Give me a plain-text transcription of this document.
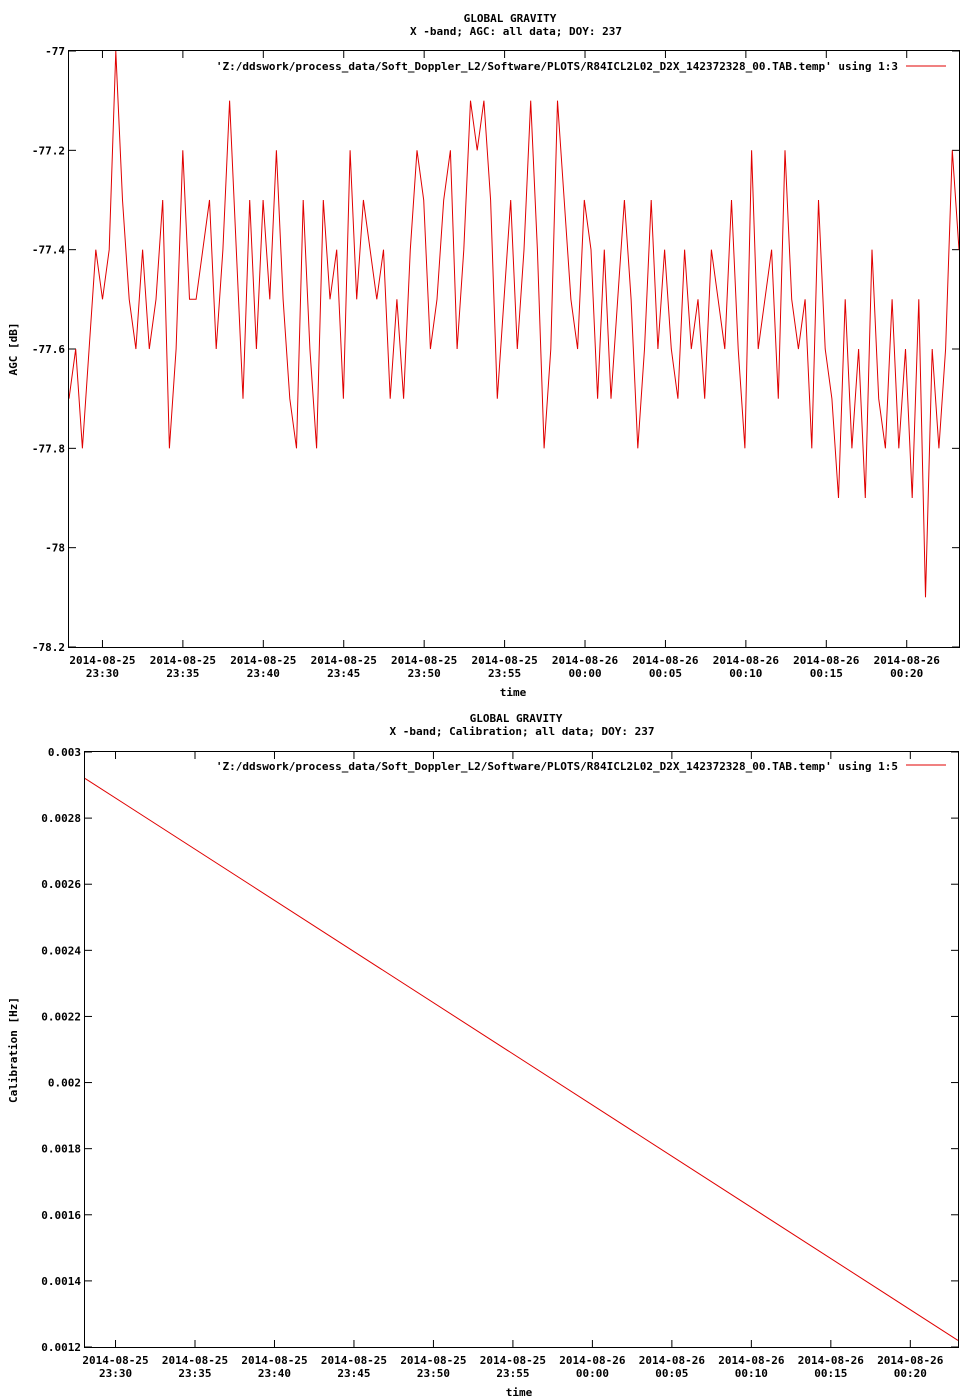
GLOBAL GRAVITY
X -band; AGC: all data; DOY: 237
'Z:/ddswork/process_data/Soft_Doppler_L2/Software/PLOTS/R84ICL2L02_D2X_142372328_00.TAB.temp' using 1:3
-77
-77.2
-77.4
-77.6
-77.8
-78
-78.2
2014-08-25
23:30
2014-08-25
23:35
2014-08-25
23:40
2014-08-25
23:45
2014-08-25
23:50
2014-08-25
23:55
2014-08-26
00:00
2014-08-26
00:05
2014-08-26
00:10
2014-08-26
00:15
2014-08-26
00:20
time
AGC [dB]
GLOBAL GRAVITY
X -band; Calibration; all data; DOY: 237
'Z:/ddswork/process_data/Soft_Doppler_L2/Software/PLOTS/R84ICL2L02_D2X_142372328_00.TAB.temp' using 1:5
0.003
0.0028
0.0026
0.0024
0.0022
0.002
0.0018
0.0016
0.0014
0.0012
2014-08-25
23:30
2014-08-25
23:35
2014-08-25
23:40
2014-08-25
23:45
2014-08-25
23:50
2014-08-25
23:55
2014-08-26
00:00
2014-08-26
00:05
2014-08-26
00:10
2014-08-26
00:15
2014-08-26
00:20
time
Calibration [Hz]
